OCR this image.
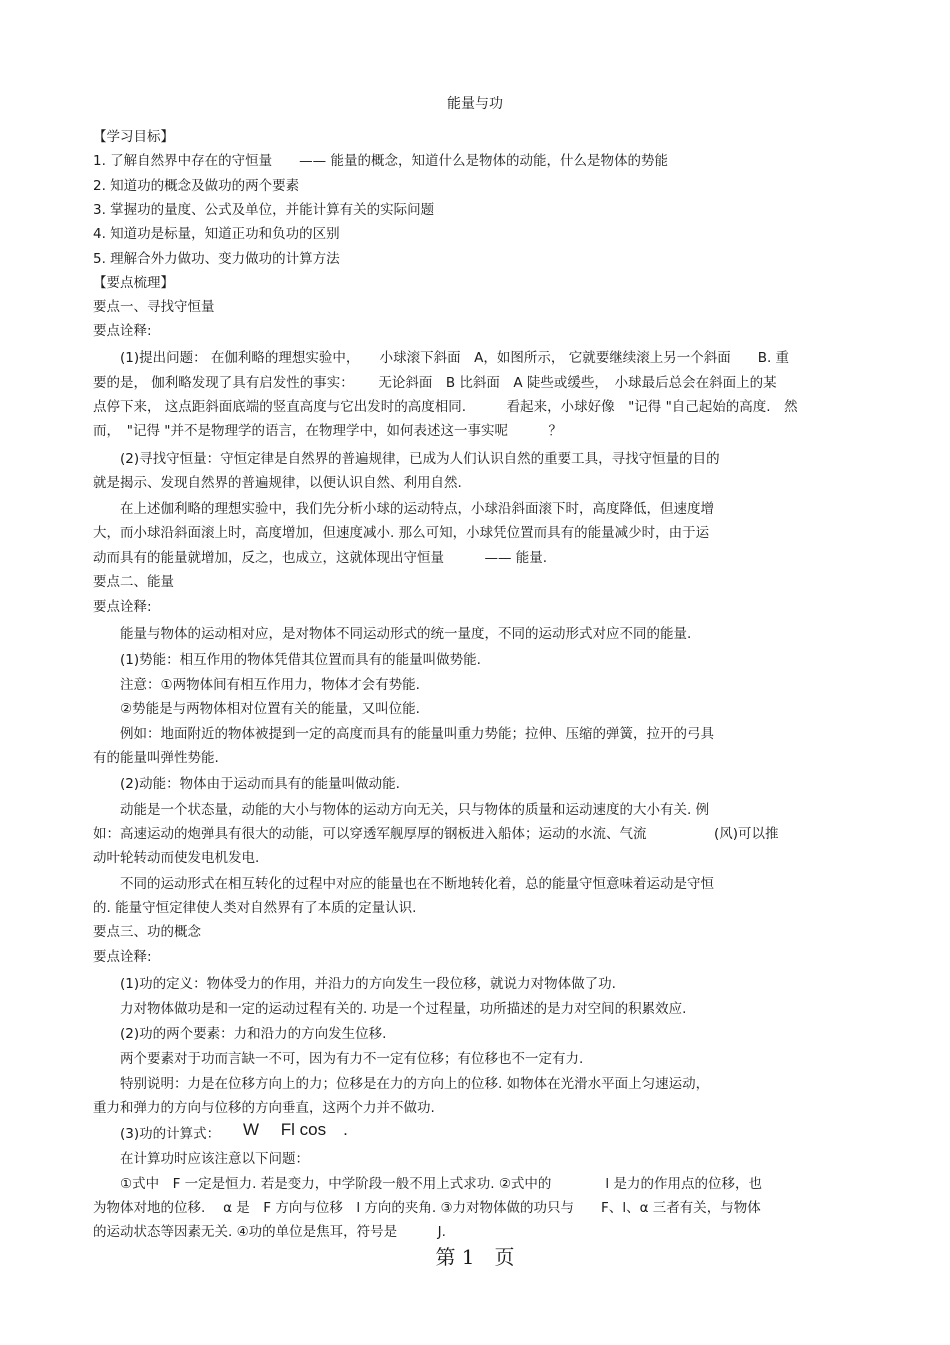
能量与功
【学习目标】
1. 了解自然界中存在的守恒量　　—— 能量的概念，知道什么是物体的动能，什么是物体的势能
2. 知道功的概念及做功的两个要素
3. 掌握功的量度、公式及单位，并能计算有关的实际问题
4. 知道功是标量，知道正功和负功的区别
5. 理解合外力做功、变力做功的计算方法
【要点梳理】
要点一、寻找守恒量
要点诠释:
(1)提出问题： 在伽利略的理想实验中，　　小球滚下斜面　A，如图所示， 它就要继续滚上另一个斜面　　B. 重
要的是， 伽利略发现了具有启发性的事实：　　 无论斜面　B 比斜面　A 陡些或缓些，　小球最后总会在斜面上的某
点停下来， 这点距斜面底端的竖直高度与它出发时的高度相同.　　　看起来，小球好像　"记得 "自己起始的高度.　然
而，　"记得 "并不是物理学的语言，在物理学中，如何表述这一事实呢　　　？
(2)寻找守恒量：守恒定律是自然界的普遍规律，已成为人们认识自然的重要工具，寻找守恒量的目的
就是揭示、发现自然界的普遍规律，以便认识自然、利用自然.
在上述伽利略的理想实验中，我们先分析小球的运动特点，小球沿斜面滚下时，高度降低，但速度增
大，而小球沿斜面滚上时，高度增加，但速度减小. 那么可知，小球凭位置而具有的能量减少时，由于运
动而具有的能量就增加，反之，也成立，这就体现出守恒量　　　—— 能量.
要点二、能量
要点诠释:
能量与物体的运动相对应，是对物体不同运动形式的统一量度，不同的运动形式对应不同的能量.
(1)势能：相互作用的物体凭借其位置而具有的能量叫做势能.
注意：①两物体间有相互作用力，物体才会有势能.
②势能是与两物体相对位置有关的能量，又叫位能.
例如：地面附近的物体被提到一定的高度而具有的能量叫重力势能；拉伸、压缩的弹簧，拉开的弓具
有的能量叫弹性势能.
(2)动能：物体由于运动而具有的能量叫做动能.
动能是一个状态量，动能的大小与物体的运动方向无关，只与物体的质量和运动速度的大小有关. 例
如：高速运动的炮弹具有很大的动能，可以穿透军舰厚厚的钢板进入船体；运动的水流、气流　　　　　(风)可以推
动叶轮转动而使发电机发电.
不同的运动形式在相互转化的过程中对应的能量也在不断地转化着，总的能量守恒意味着运动是守恒
的. 能量守恒定律使人类对自然界有了本质的定量认识.
要点三、功的概念
要点诠释:
(1)功的定义：物体受力的作用，并沿力的方向发生一段位移，就说力对物体做了功.
力对物体做功是和一定的运动过程有关的. 功是一个过程量，功所描述的是力对空间的积累效应.
(2)功的两个要素：力和沿力的方向发生位移.
两个要素对于功而言缺一不可，因为有力不一定有位移；有位移也不一定有力.
特别说明：力是在位移方向上的力；位移是在力的方向上的位移. 如物体在光滑水平面上匀速运动，
重力和弹力的方向与位移的方向垂直，这两个力并不做功.
(3)功的计算式：
在计算功时应该注意以下问题：
①式中　F 一定是恒力. 若是变力，中学阶段一般不用上式求功. ②式中的　　　　l 是力的作用点的位移，也
为物体对地的位移.　 α 是　F 方向与位移　l 方向的夹角. ③力对物体做的功只与　　F、l、α 三者有关，与物体
的运动状态等因素无关. ④功的单位是焦耳，符号是　　　J.
W　 Fl cos　.
第 1　页
